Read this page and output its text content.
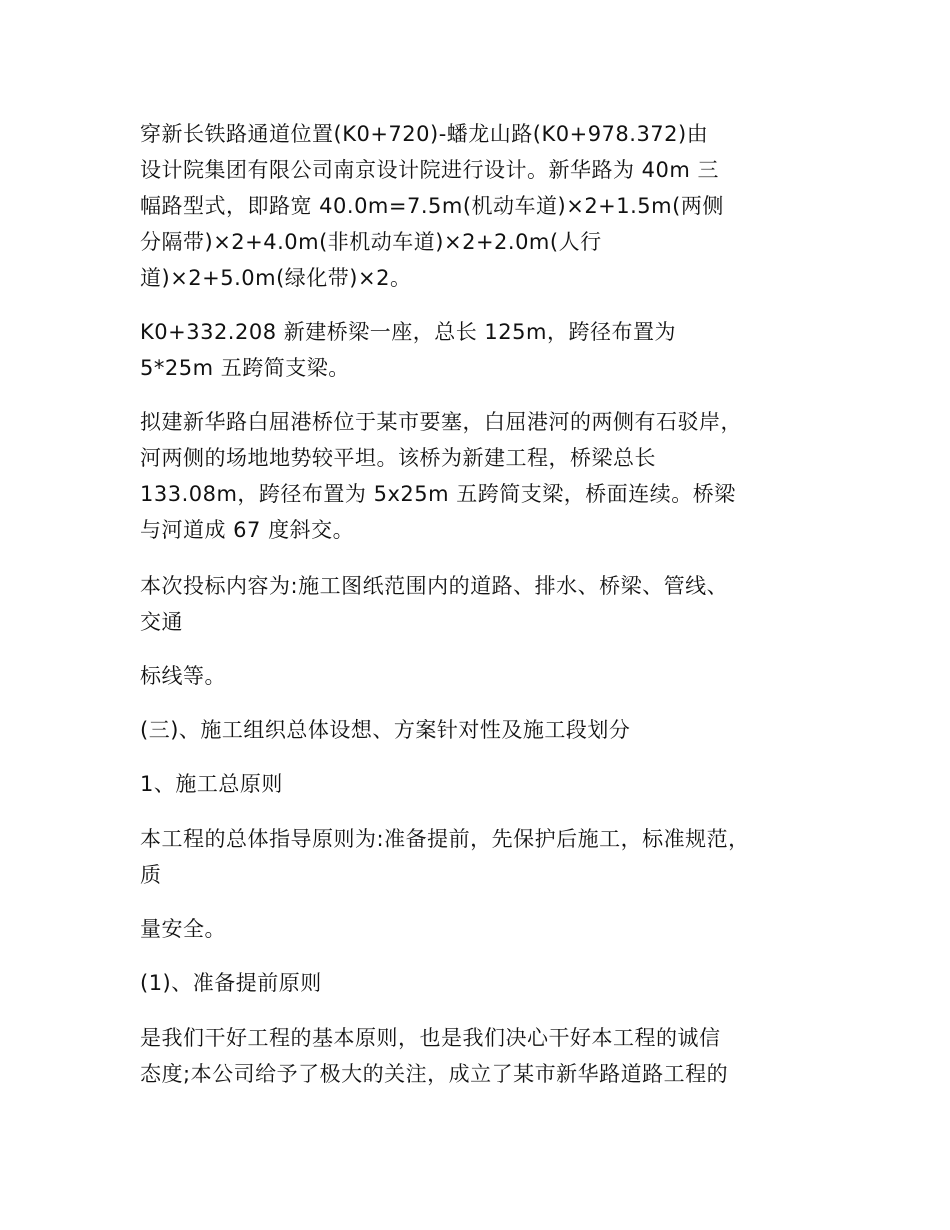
穿新长铁路通道位置(K0+720)-蟠龙山路(K0+978.372)由
设计院集团有限公司南京设计院进行设计。新华路为 40m 三
幅路型式，即路宽 40.0m=7.5m(机动车道)×2+1.5m(两侧
分隔带)×2+4.0m(非机动车道)×2+2.0m(人行
道)×2+5.0m(绿化带)×2。
K0+332.208 新建桥梁一座，总长 125m，跨径布置为
5*25m 五跨简支梁。
拟建新华路白屈港桥位于某市要塞，白屈港河的两侧有石驳岸，
河两侧的场地地势较平坦。该桥为新建工程，桥梁总长
133.08m，跨径布置为 5x25m 五跨简支梁，桥面连续。桥梁
与河道成 67 度斜交。
本次投标内容为:施工图纸范围内的道路、排水、桥梁、管线、
交通
标线等。
(三)、施工组织总体设想、方案针对性及施工段划分
1、施工总原则
本工程的总体指导原则为:准备提前，先保护后施工，标准规范，
质
量安全。
(1)、准备提前原则
是我们干好工程的基本原则，也是我们决心干好本工程的诚信
态度;本公司给予了极大的关注，成立了某市新华路道路工程的
